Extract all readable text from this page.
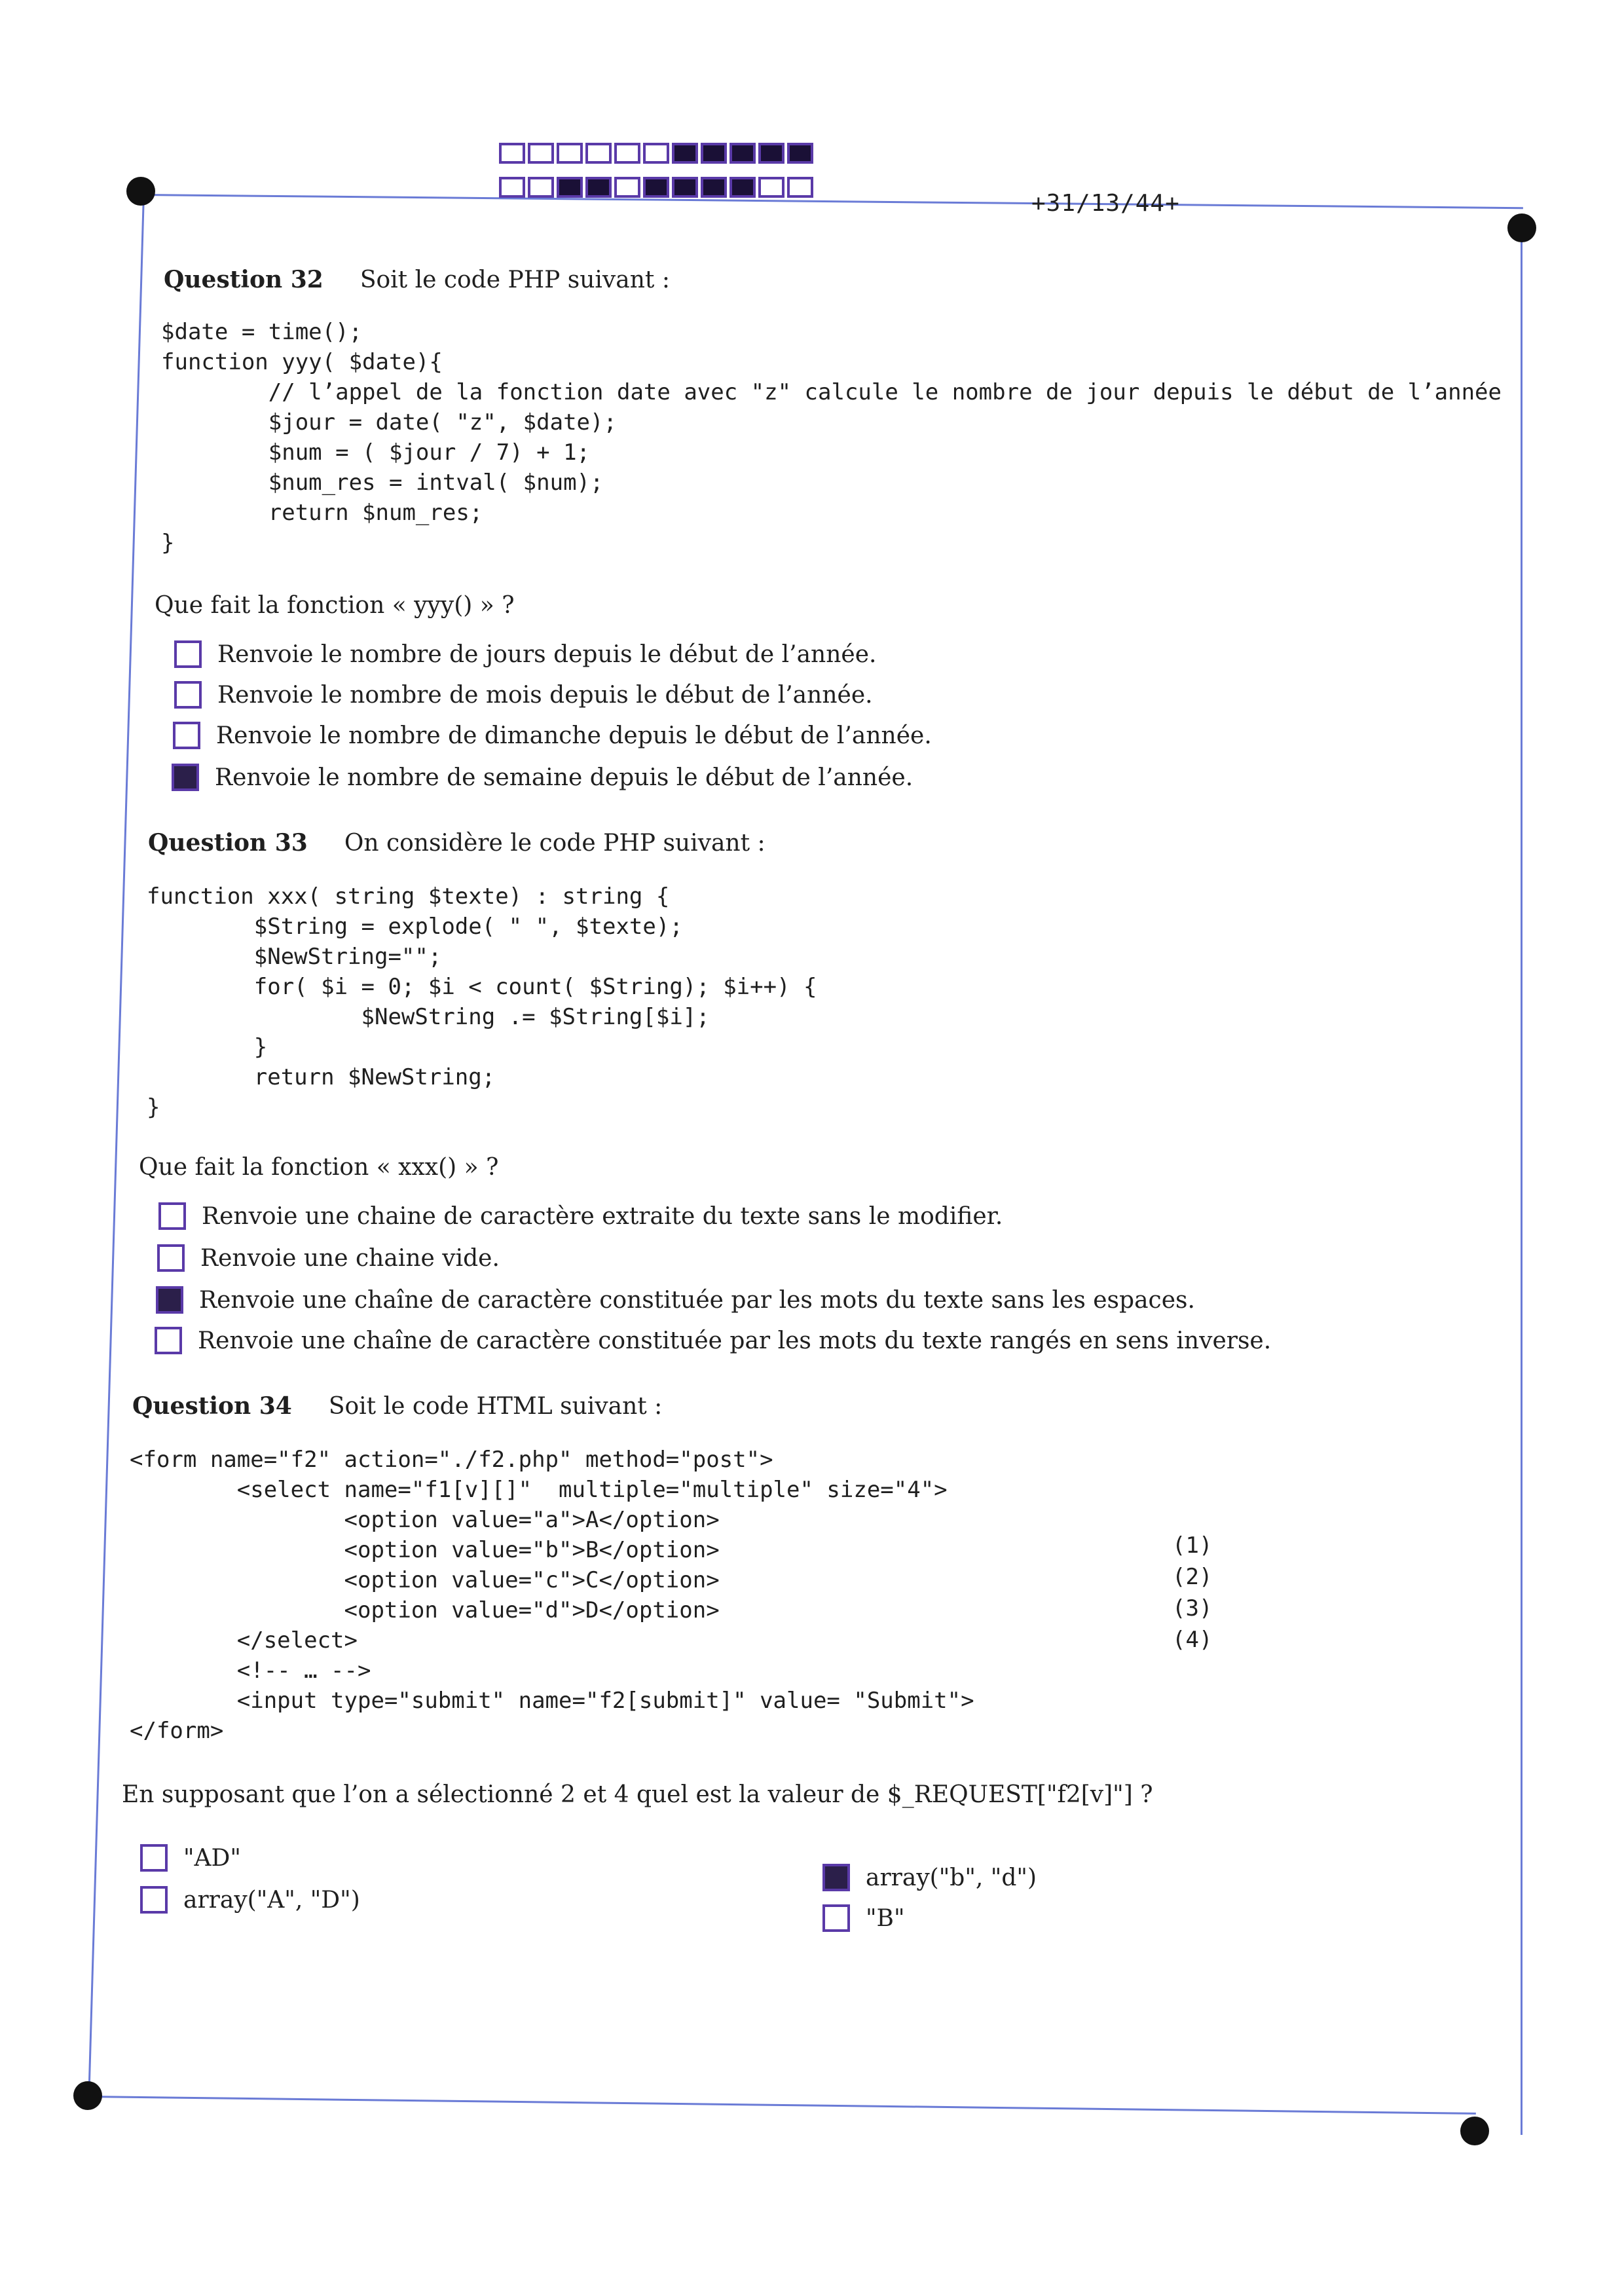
+31/13/44+
Question 32 Soit le code PHP suivant :
$date = time();
function yyy( $date){
// l’appel de la fonction date avec "z" calcule le nombre de jour depuis le début de l’année
$jour = date( "z", $date);
$num = ( $jour / 7) + 1;
$num_res = intval( $num);
return $num_res;
}
Que fait la fonction « yyy() » ?
Renvoie le nombre de jours depuis le début de l’année.
Renvoie le nombre de mois depuis le début de l’année.
Renvoie le nombre de dimanche depuis le début de l’année.
Renvoie le nombre de semaine depuis le début de l’année.
Question 33 On considère le code PHP suivant :
function xxx( string $texte) : string {
$String = explode( " ", $texte);
$NewString="";
for( $i = 0; $i < count( $String); $i++) {
$NewString .= $String[$i];
}
return $NewString;
}
Que fait la fonction « xxx() » ?
Renvoie une chaine de caractère extraite du texte sans le modifier.
Renvoie une chaine vide.
Renvoie une chaîne de caractère constituée par les mots du texte sans les espaces.
Renvoie une chaîne de caractère constituée par les mots du texte rangés en sens inverse.
Question 34 Soit le code HTML suivant :
<form name="f2" action="./f2.php" method="post">
<select name="f1[v][]"  multiple="multiple" size="4">
<option value="a">A</option>
<option value="b">B</option>
<option value="c">C</option>
<option value="d">D</option>
</select>
<!-- … -->
<input type="submit" name="f2[submit]" value= "Submit">
</form>
(1)
(2)
(3)
(4)
En supposant que l’on a sélectionné 2 et 4 quel est la valeur de $_REQUEST["f2[v]"] ?
"AD"
array("A", "D")
array("b", "d")
"B"
